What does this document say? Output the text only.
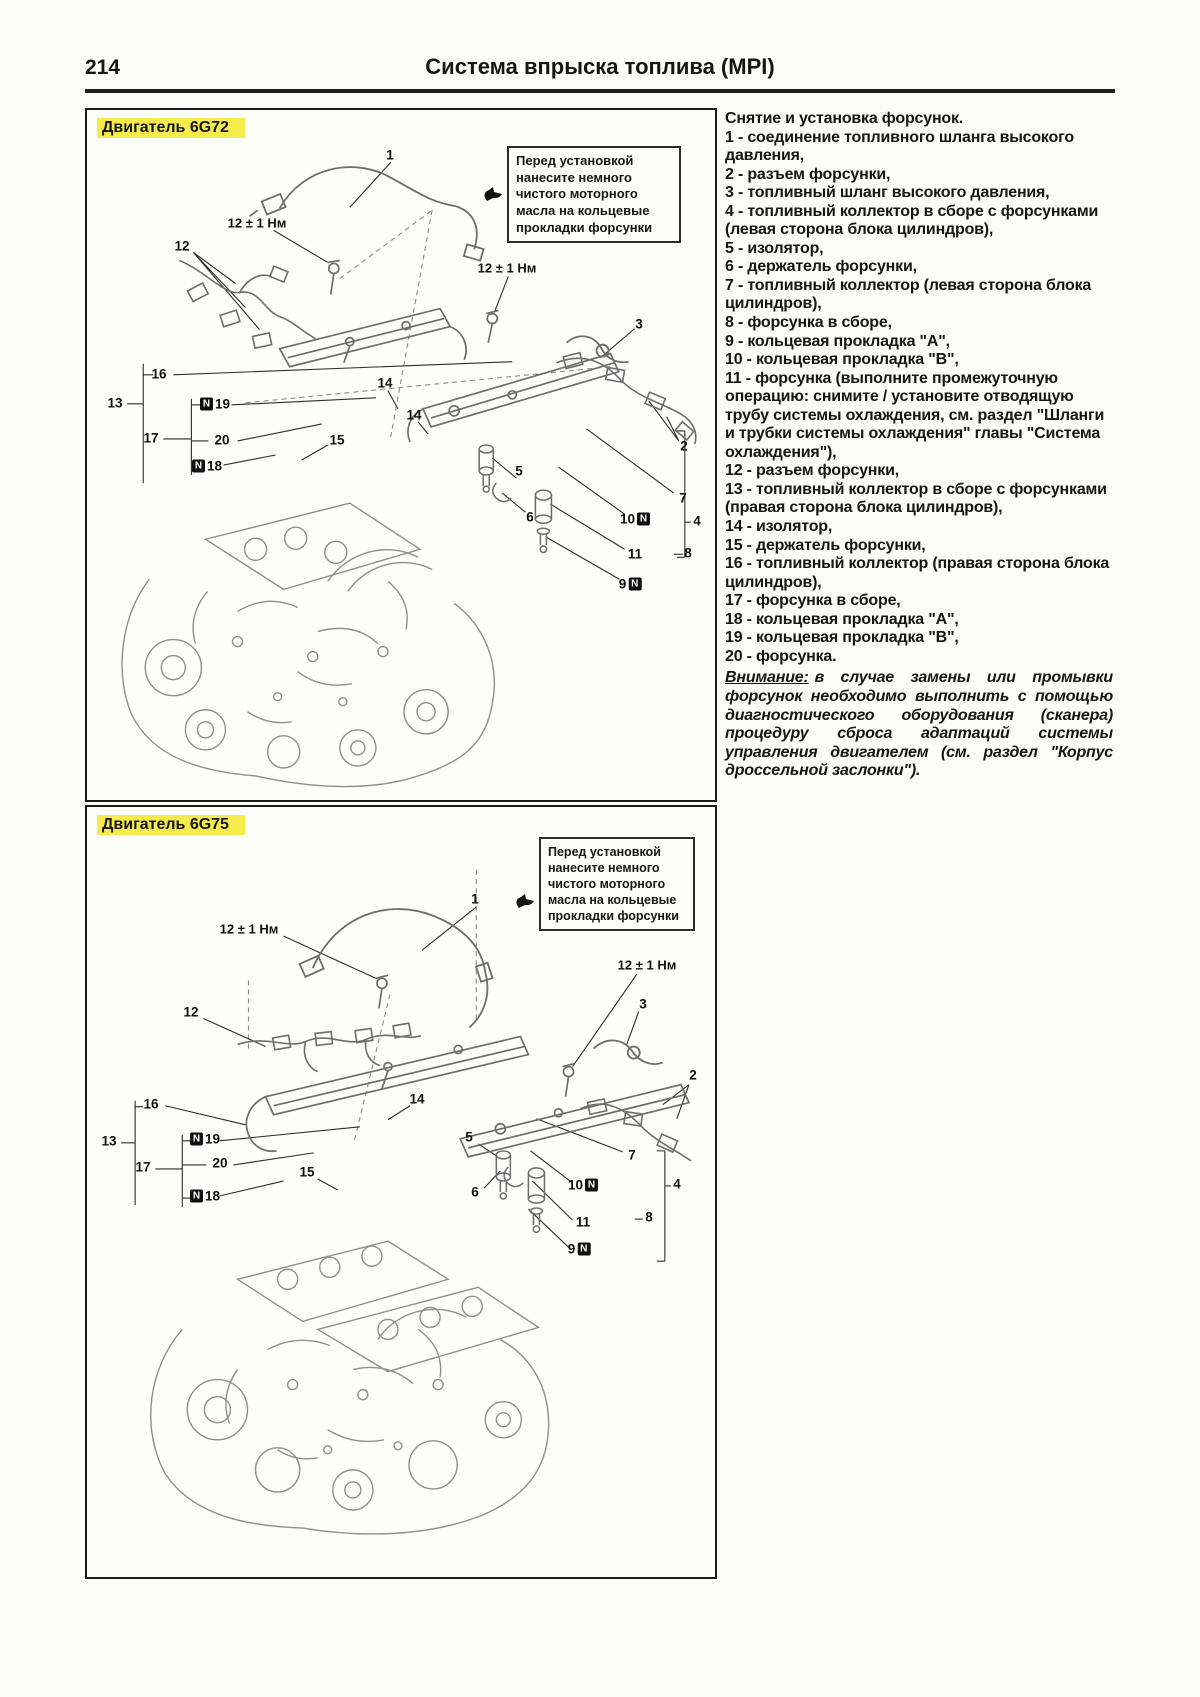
214	Система впрыска топлива (MPI)
Двигатель 6G72
Перед установкой нанесите немного чистого моторного масла на кольцевые прокладки форсунки
1
12 ± 1 Нм
12
12 ± 1 Нм
3
2
16
13	N 19
14
14
17	20	15
N 18	5
6
7
10 N	4
11	8
9 N
Двигатель 6G75
Перед установкой нанесите немного чистого моторного масла на кольцевые прокладки форсунки
1
12 ± 1 Нм
12 ± 1 Нм
3
12
2
16
13	N 19
14
17	20
15
N 18
5
6
7
10 N	4
11	8
9 N
Снятие и установка форсунок.
1 - соединение топливного шланга высокого давления,
2 - разъем форсунки,
3 - топливный шланг высокого давления,
4 - топливный коллектор в сборе с форсунками (левая сторона блока цилиндров),
5 - изолятор,
6 - держатель форсунки,
7 - топливный коллектор (левая сторона блока цилиндров),
8 - форсунка в сборе,
9 - кольцевая прокладка "А",
10 - кольцевая прокладка "В",
11 - форсунка (выполните промежуточную операцию: снимите / установите отводящую трубу системы охлаждения, см. раздел "Шланги и трубки системы охлаждения" главы "Система охлаждения"),
12 - разъем форсунки,
13 - топливный коллектор в сборе с форсунками (правая сторона блока цилиндров),
14 - изолятор,
15 - держатель форсунки,
16 - топливный коллектор (правая сторона блока цилиндров),
17 - форсунка в сборе,
18 - кольцевая прокладка "А",
19 - кольцевая прокладка "В",
20 - форсунка.

Внимание: в случае замены или промывки форсунок необходимо выполнить с помощью диагностического оборудования (сканера) процедуру сброса адаптаций системы управления двигателем (см. раздел "Корпус дроссельной заслонки").
